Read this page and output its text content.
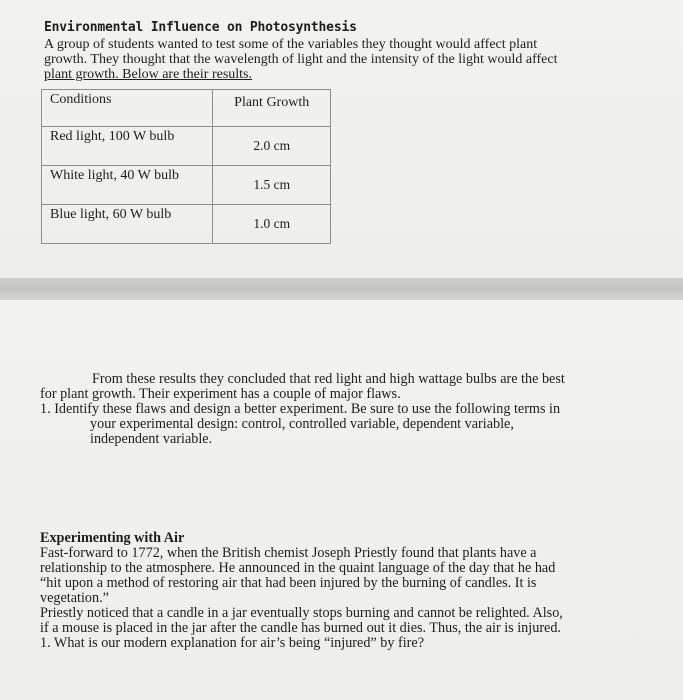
Environmental Influence on Photosynthesis

A group of students wanted to test some of the variables they thought would affect plant
growth. They thought that the wavelength of light and the intensity of the light would affect
plant growth. Below are their results.

Conditions	Plant Growth
Red light, 100 W bulb	2.0 cm
White light, 40 W bulb	1.5 cm
Blue light, 60 W bulb	1.0 cm

From these results they concluded that red light and high wattage bulbs are the best
for plant growth. Their experiment has a couple of major flaws.
1. Identify these flaws and design a better experiment. Be sure to use the following terms in
your experimental design: control, controlled variable, dependent variable,
independent variable.

Experimenting with Air

Fast-forward to 1772, when the British chemist Joseph Priestly found that plants have a
relationship to the atmosphere. He announced in the quaint language of the day that he had
“hit upon a method of restoring air that had been injured by the burning of candles. It is
vegetation.”
Priestly noticed that a candle in a jar eventually stops burning and cannot be relighted. Also,
if a mouse is placed in the jar after the candle has burned out it dies. Thus, the air is injured.
1. What is our modern explanation for air’s being “injured” by fire?
